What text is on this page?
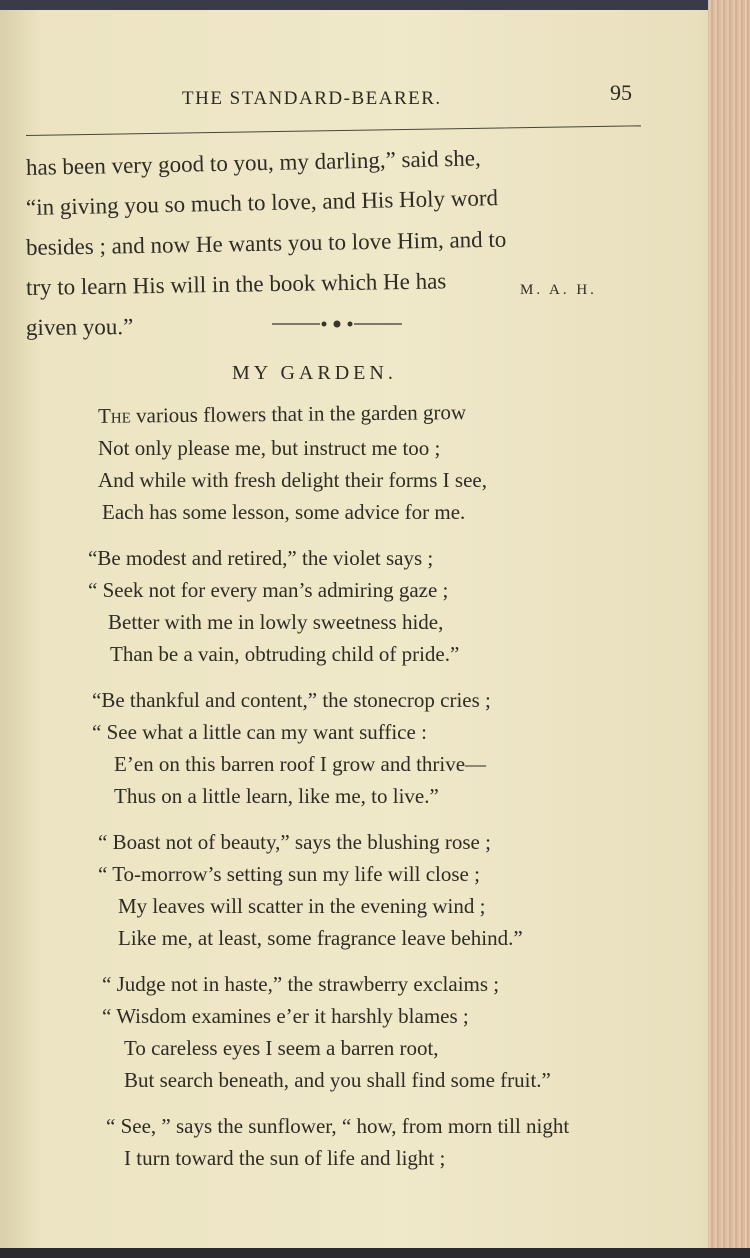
THE STANDARD-BEARER.	95
has been very good to you, my darling,” said she,
“in giving you so much to love, and His Holy word
besides ; and now He wants you to love Him, and to
try to learn His will in the book which He has
given you.”
M. A. H.
MY GARDEN.
The various flowers that in the garden grow
Not only please me, but instruct me too ;
And while with fresh delight their forms I see,
Each has some lesson, some advice for me.
“Be modest and retired,” the violet says ;
“ Seek not for every man’s admiring gaze ;
Better with me in lowly sweetness hide,
Than be a vain, obtruding child of pride.”
“Be thankful and content,” the stonecrop cries ;
“ See what a little can my want suffice :
E’en on this barren roof I grow and thrive—
Thus on a little learn, like me, to live.”
“ Boast not of beauty,” says the blushing rose ;
“ To-morrow’s setting sun my life will close ;
My leaves will scatter in the evening wind ;
Like me, at least, some fragrance leave behind.”
“ Judge not in haste,” the strawberry exclaims ;
“ Wisdom examines e’er it harshly blames ;
To careless eyes I seem a barren root,
But search beneath, and you shall find some fruit.”
“ See, ” says the sunflower, “ how, from morn till night
I turn toward the sun of life and light ;
